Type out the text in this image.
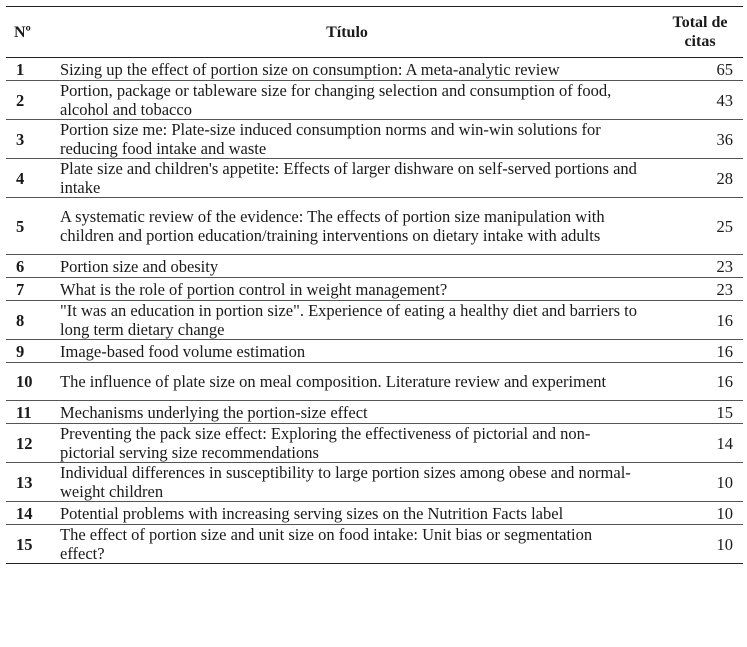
Nº	Título	Total de
citas

1	Sizing up the effect of portion size on consumption: A meta-analytic review	65
2	Portion, package or tableware size for changing selection and consumption of food, alcohol and tobacco	43
3	Portion size me: Plate-size induced consumption norms and win-win solutions for reducing food intake and waste	36
4	Plate size and children's appetite: Effects of larger dishware on self-served portions and intake	28
5	A systematic review of the evidence: The effects of portion size manipulation with children and portion education/training interventions on dietary intake with adults	25
6	Portion size and obesity	23
7	What is the role of portion control in weight management?	23
8	"It was an education in portion size". Experience of eating a healthy diet and barriers to long term dietary change	16
9	Image-based food volume estimation	16
10	The influence of plate size on meal composition. Literature review and experiment	16
11	Mechanisms underlying the portion-size effect	15
12	Preventing the pack size effect: Exploring the effectiveness of pictorial and non-pictorial serving size recommendations	14
13	Individual differences in susceptibility to large portion sizes among obese and normal-weight children	10
14	Potential problems with increasing serving sizes on the Nutrition Facts label	10
15	The effect of portion size and unit size on food intake: Unit bias or segmentation effect?	10
